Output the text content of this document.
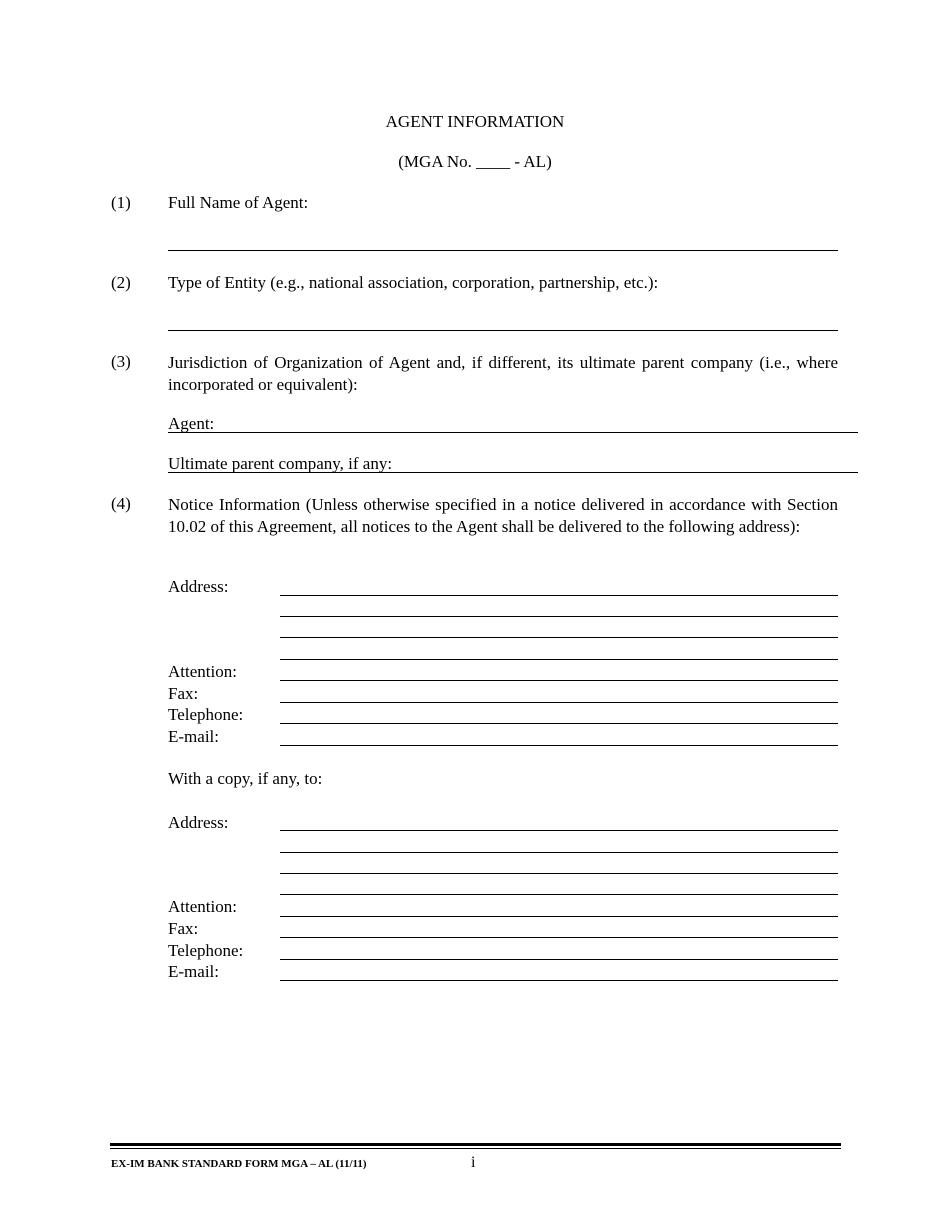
AGENT INFORMATION
(MGA No. ____ - AL)
(1) Full Name of Agent:
(2) Type of Entity (e.g., national association, corporation, partnership, etc.):
(3) Jurisdiction of Organization of Agent and, if different, its ultimate parent company (i.e., where incorporated or equivalent):
Agent:
Ultimate parent company, if any:
(4) Notice Information (Unless otherwise specified in a notice delivered in accordance with Section 10.02 of this Agreement, all notices to the Agent shall be delivered to the following address):
Address:
Attention:
Fax:
Telephone:
E-mail:
With a copy, if any, to:
Address:
Attention:
Fax:
Telephone:
E-mail:
EX-IM BANK STANDARD FORM MGA – AL (11/11)	i
